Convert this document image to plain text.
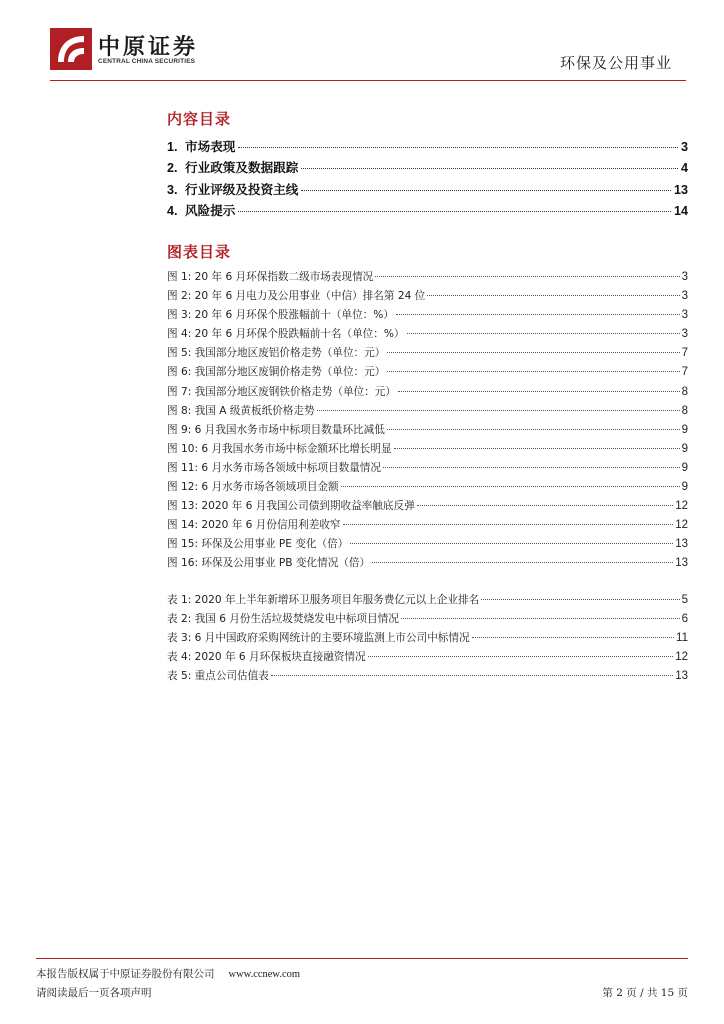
中原证券
CENTRAL CHINA SECURITIES	环保及公用事业
内容目录
1. 市场表现	3
2. 行业政策及数据跟踪	4
3. 行业评级及投资主线	13
4. 风险提示	14
图表目录
图 1: 20 年 6 月环保指数二级市场表现情况	3
图 2: 20 年 6 月电力及公用事业（中信）排名第 24 位	3
图 3: 20 年 6 月环保个股涨幅前十（单位：%）	3
图 4: 20 年 6 月环保个股跌幅前十名（单位：%）	3
图 5: 我国部分地区废铝价格走势（单位：元）	7
图 6: 我国部分地区废铜价格走势（单位：元）	7
图 7: 我国部分地区废钢铁价格走势（单位：元）	8
图 8: 我国 A 级黄板纸价格走势	8
图 9: 6 月我国水务市场中标项目数量环比减低	9
图 10: 6 月我国水务市场中标金额环比增长明显	9
图 11: 6 月水务市场各领域中标项目数量情况	9
图 12: 6 月水务市场各领域项目金额	9
图 13: 2020 年 6 月我国公司债到期收益率触底反弹	12
图 14: 2020 年 6 月份信用利差收窄	12
图 15: 环保及公用事业 PE 变化（倍）	13
图 16: 环保及公用事业 PB 变化情况（倍）	13
表 1: 2020 年上半年新增环卫服务项目年服务费亿元以上企业排名	5
表 2: 我国 6 月份生活垃圾焚烧发电中标项目情况	6
表 3: 6 月中国政府采购网统计的主要环境监测上市公司中标情况	11
表 4: 2020 年 6 月环保板块直接融资情况	12
表 5: 重点公司估值表	13
本报告版权属于中原证券股份有限公司 www.ccnew.com
请阅读最后一页各项声明	第 2 页 / 共 15 页
